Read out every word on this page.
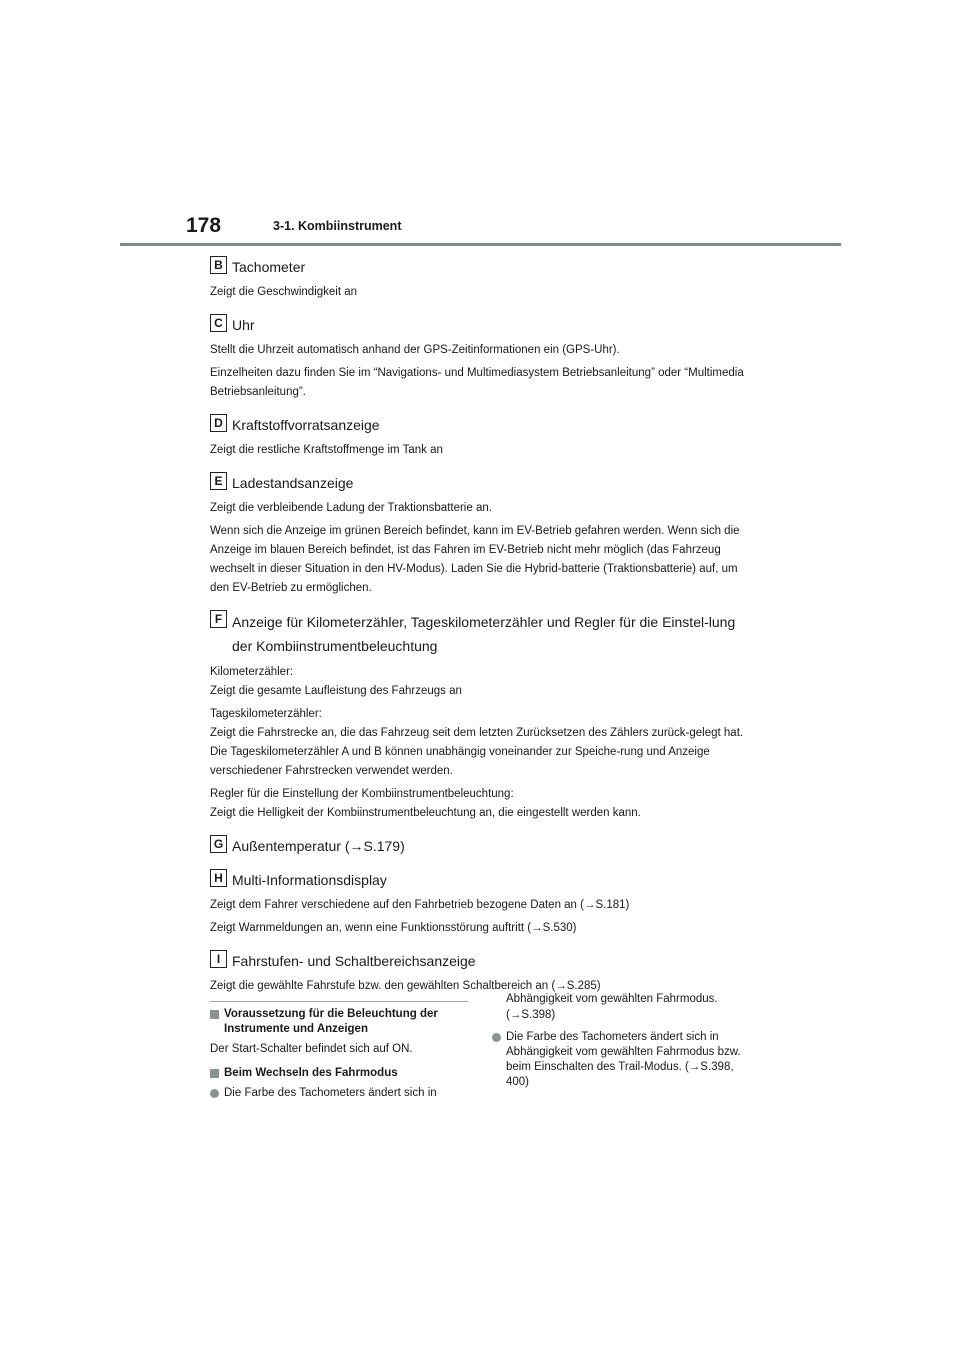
178	3-1. Kombiinstrument
B Tachometer

Zeigt die Geschwindigkeit an

C Uhr

Stellt die Uhrzeit automatisch anhand der GPS-Zeitinformationen ein (GPS-Uhr).

Einzelheiten dazu finden Sie im “Navigations- und Multimediasystem Betriebsanleitung” oder “Multimedia Betriebsanleitung”.

D Kraftstoffvorratsanzeige

Zeigt die restliche Kraftstoffmenge im Tank an

E Ladestandsanzeige

Zeigt die verbleibende Ladung der Traktionsbatterie an.

Wenn sich die Anzeige im grünen Bereich befindet, kann im EV-Betrieb gefahren werden. Wenn sich die Anzeige im blauen Bereich befindet, ist das Fahren im EV-Betrieb nicht mehr möglich (das Fahrzeug wechselt in dieser Situation in den HV-Modus). Laden Sie die Hybrid-batterie (Traktionsbatterie) auf, um den EV-Betrieb zu ermöglichen.

F Anzeige für Kilometerzähler, Tageskilometerzähler und Regler für die Einstel-lung der Kombiinstrumentbeleuchtung

Kilometerzähler:
Zeigt die gesamte Laufleistung des Fahrzeugs an

Tageskilometerzähler:
Zeigt die Fahrstrecke an, die das Fahrzeug seit dem letzten Zurücksetzen des Zählers zurück-gelegt hat. Die Tageskilometerzähler A und B können unabhängig voneinander zur Speiche-rung und Anzeige verschiedener Fahrstrecken verwendet werden.

Regler für die Einstellung der Kombiinstrumentbeleuchtung:
Zeigt die Helligkeit der Kombiinstrumentbeleuchtung an, die eingestellt werden kann.

G Außentemperatur (→S.179)
H Multi-Informationsdisplay

Zeigt dem Fahrer verschiedene auf den Fahrbetrieb bezogene Daten an (→S.181)

Zeigt Warnmeldungen an, wenn eine Funktionsstörung auftritt (→S.530)

I Fahrstufen- und Schaltbereichsanzeige

Zeigt die gewählte Fahrstufe bzw. den gewählten Schaltbereich an (→S.285)

Voraussetzung für die Beleuchtung der Instrumente und Anzeigen
Der Start-Schalter befindet sich auf ON.
Beim Wechseln des Fahrmodus
Die Farbe des Tachometers ändert sich in
Abhängigkeit vom gewählten Fahrmodus. (→S.398)
Die Farbe des Tachometers ändert sich in Abhängigkeit vom gewählten Fahrmodus bzw. beim Einschalten des Trail-Modus. (→S.398, 400)
